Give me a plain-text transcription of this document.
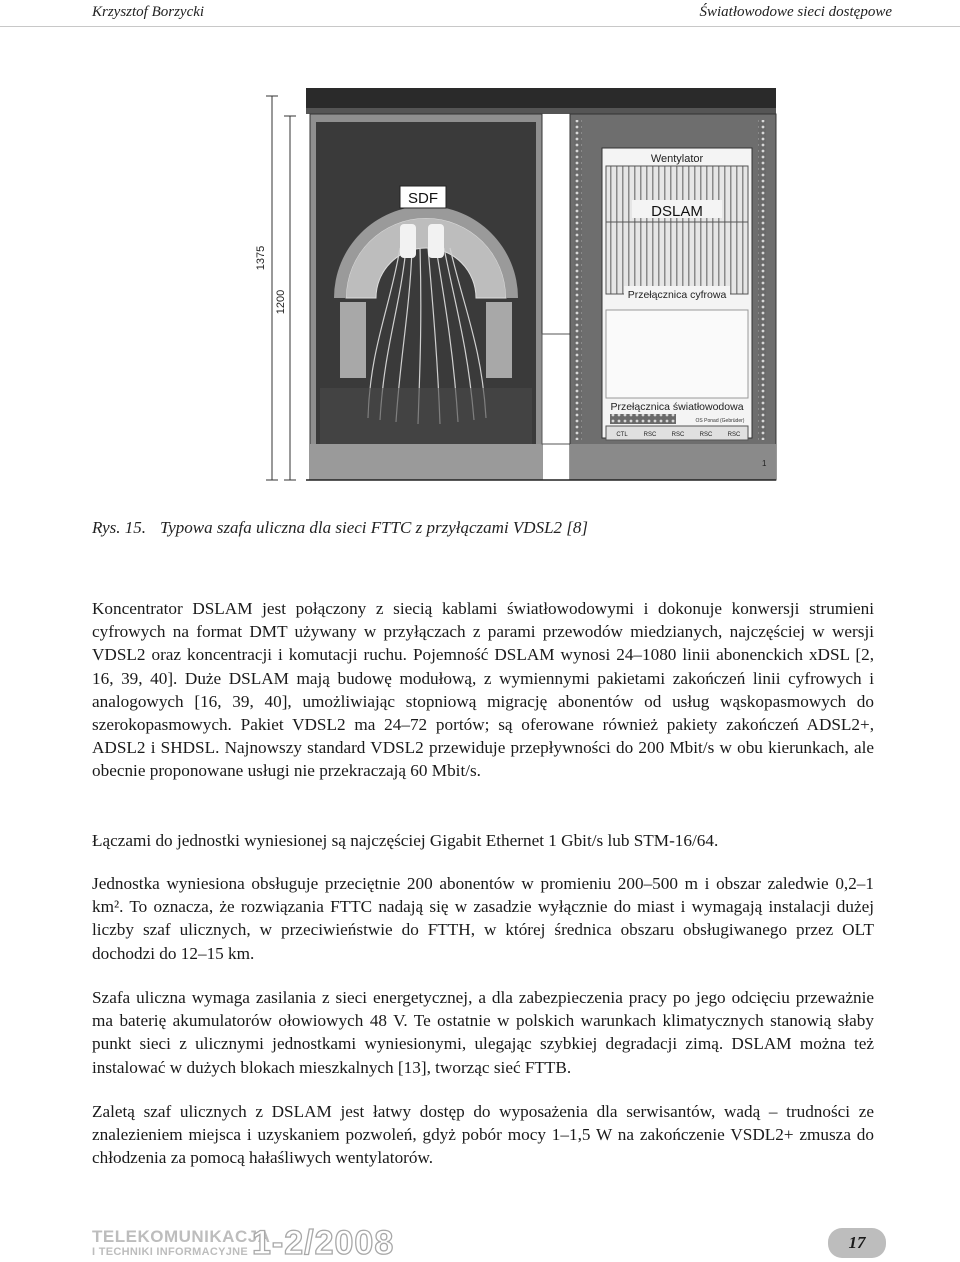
Krzysztof Borzycki	Światłowodowe sieci dostępowe
1375
1200
SDF
Wentylator
DSLAM
Przełącznica cyfrowa
Przełącznica światłowodowa
OS Ponad (Gebrüder)
CTL	RSC	RSC	RSC	RSC
1
Rys. 15. Typowa szafa uliczna dla sieci FTTC z przyłączami VDSL2 [8]

Koncentrator DSLAM jest połączony z siecią kablami światłowodowymi i dokonuje konwersji strumieni cyfrowych na format DMT używany w przyłączach z parami przewodów miedzianych, najczęściej w wersji VDSL2 oraz koncentracji i komutacji ruchu. Pojemność DSLAM wynosi 24–1080 linii abonenckich xDSL [2, 16, 39, 40]. Duże DSLAM mają budowę modułową, z wymiennymi pakietami zakończeń linii cyfrowych i analogowych [16, 39, 40], umożliwiając stopniową migrację abonentów od usług wąskopasmowych do szerokopasmowych. Pakiet VDSL2 ma 24–72 portów; są oferowane również pakiety zakończeń ADSL2+, ADSL2 i SHDSL. Najnowszy standard VDSL2 przewiduje przepływności do 200 Mbit/s w obu kierunkach, ale obecnie proponowane usługi nie przekraczają 60 Mbit/s.

Łączami do jednostki wyniesionej są najczęściej Gigabit Ethernet 1 Gbit/s lub STM-16/64.

Jednostka wyniesiona obsługuje przeciętnie 200 abonentów w promieniu 200–500 m i obszar zaledwie 0,2–1 km². To oznacza, że rozwiązania FTTC nadają się w zasadzie wyłącznie do miast i wymagają instalacji dużej liczby szaf ulicznych, w przeciwieństwie do FTTH, w której średnica obszaru obsługiwanego przez OLT dochodzi do 12–15 km.

Szafa uliczna wymaga zasilania z sieci energetycznej, a dla zabezpieczenia pracy po jego odcięciu przeważnie ma baterię akumulatorów ołowiowych 48 V. Te ostatnie w polskich warunkach klimatycznych stanowią słaby punkt sieci z ulicznymi jednostkami wyniesionymi, ulegając szybkiej degradacji zimą. DSLAM można też instalować w dużych blokach mieszkalnych [13], tworząc sieć FTTB.

Zaletą szaf ulicznych z DSLAM jest łatwy dostęp do wyposażenia dla serwisantów, wadą – trudności ze znalezieniem miejsca i uzyskaniem pozwoleń, gdyż pobór mocy 1–1,5 W na zakończenie VSDL2+ zmusza do chłodzenia za pomocą hałaśliwych wentylatorów.

TELEKOMUNIKACJA
I TECHNIKI INFORMACYJNE 1-2/2008	17
